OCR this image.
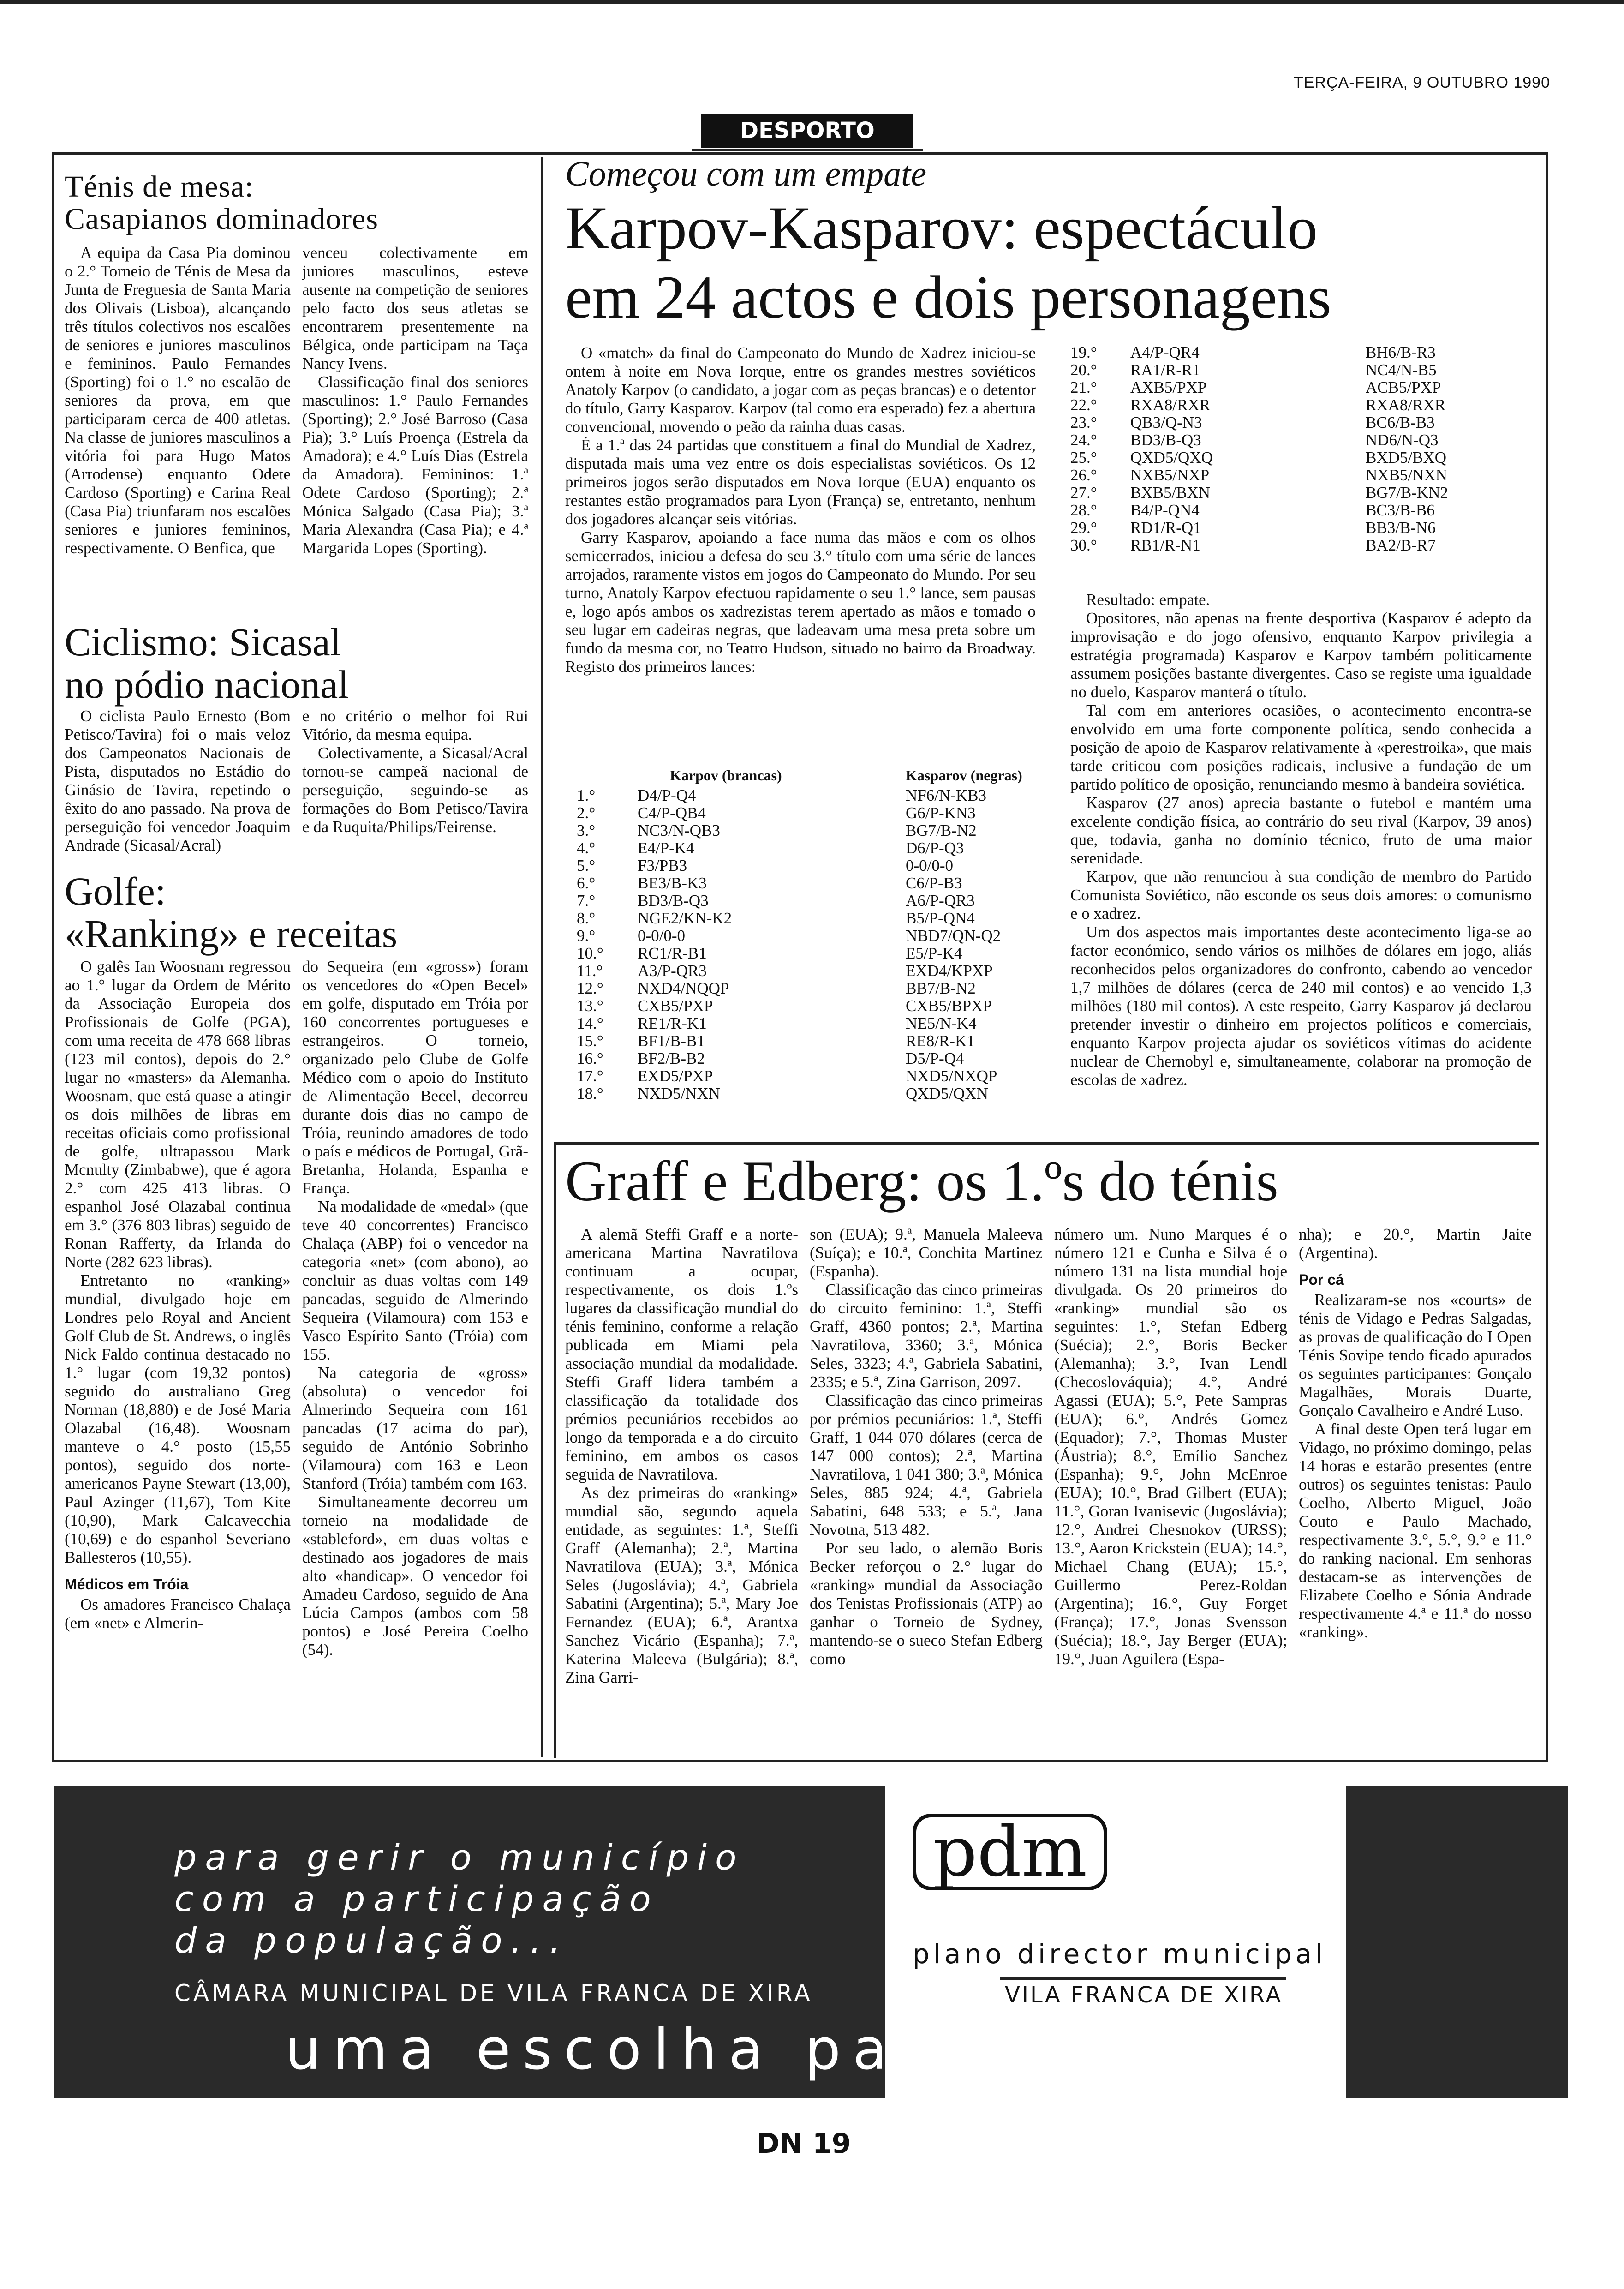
TERÇA-FEIRA, 9 OUTUBRO 1990
DESPORTO
Ténis de mesa:
Casapianos dominadores

A equipa da Casa Pia dominou o 2.° Torneio de Ténis de Mesa da Junta de Freguesia de Santa Maria dos Olivais (Lisboa), alcançando três títulos colectivos nos escalões de seniores e juniores masculinos e femininos. Paulo Fernandes (Sporting) foi o 1.° no escalão de seniores da prova, em que participaram cerca de 400 atletas. Na classe de juniores masculinos a vitória foi para Hugo Matos (Arrodense) enquanto Odete Cardoso (Sporting) e Carina Real (Casa Pia) triunfaram nos escalões seniores e juniores femininos, respectivamente. O Benfica, que

venceu colectivamente em juniores masculinos, esteve ausente na competição de seniores pelo facto dos seus atletas se encontrarem presentemente na Bélgica, onde participam na Taça Nancy Ivens.

Classificação final dos seniores masculinos: 1.° Paulo Fernandes (Sporting); 2.° José Barroso (Casa Pia); 3.° Luís Proença (Estrela da Amadora); e 4.° Luís Dias (Estrela da Amadora). Femininos: 1.ª Odete Cardoso (Sporting); 2.ª Mónica Salgado (Casa Pia); 3.ª Maria Alexandra (Casa Pia); e 4.ª Margarida Lopes (Sporting).

Ciclismo: Sicasal
no pódio nacional

O ciclista Paulo Ernesto (Bom Petisco/Tavira) foi o mais veloz dos Campeonatos Nacionais de Pista, disputados no Estádio do Ginásio de Tavira, repetindo o êxito do ano passado. Na prova de perseguição foi vencedor Joaquim Andrade (Sicasal/Acral)

e no critério o melhor foi Rui Vitório, da mesma equipa.

Colectivamente, a Sicasal/Acral tornou-se campeã nacional de perseguição, seguindo-se as formações do Bom Petisco/Tavira e da Ruquita/Philips/Feirense.

Golfe:
«Ranking» e receitas

O galês Ian Woosnam regressou ao 1.° lugar da Ordem de Mérito da Associação Europeia dos Profissionais de Golfe (PGA), com uma receita de 478 668 libras (123 mil contos), depois do 2.° lugar no «masters» da Alemanha. Woosnam, que está quase a atingir os dois milhões de libras em receitas oficiais como profissional de golfe, ultrapassou Mark Mcnulty (Zimbabwe), que é agora 2.° com 425 413 libras. O espanhol José Olazabal continua em 3.° (376 803 libras) seguido de Ronan Rafferty, da Irlanda do Norte (282 623 libras).

Entretanto no «ranking» mundial, divulgado hoje em Londres pelo Royal and Ancient Golf Club de St. Andrews, o inglês Nick Faldo continua destacado no 1.° lugar (com 19,32 pontos) seguido do australiano Greg Norman (18,880) e de José Maria Olazabal (16,48). Woosnam manteve o 4.° posto (15,55 pontos), seguido dos norte-americanos Payne Stewart (13,00), Paul Azinger (11,67), Tom Kite (10,90), Mark Calcavecchia (10,69) e do espanhol Severiano Ballesteros (10,55).

Médicos em Tróia

Os amadores Francisco Chalaça (em «net» e Almerin-

do Sequeira (em «gross») foram os vencedores do «Open Becel» em golfe, disputado em Tróia por 160 concorrentes portugueses e estrangeiros. O torneio, organizado pelo Clube de Golfe Médico com o apoio do Instituto de Alimentação Becel, decorreu durante dois dias no campo de Tróia, reunindo amadores de todo o país e médicos de Portugal, Grã-Bretanha, Holanda, Espanha e França.

Na modalidade de «medal» (que teve 40 concorrentes) Francisco Chalaça (ABP) foi o vencedor na categoria «net» (com abono), ao concluir as duas voltas com 149 pancadas, seguido de Almerindo Sequeira (Vilamoura) com 153 e Vasco Espírito Santo (Tróia) com 155.

Na categoria de «gross» (absoluta) o vencedor foi Almerindo Sequeira com 161 pancadas (17 acima do par), seguido de António Sobrinho (Vilamoura) com 163 e Leon Stanford (Tróia) também com 163.

Simultaneamente decorreu um torneio na modalidade de «stableford», em duas voltas e destinado aos jogadores de mais alto «handicap». O vencedor foi Amadeu Cardoso, seguido de Ana Lúcia Campos (ambos com 58 pontos) e José Pereira Coelho (54).

Começou com um empate
Karpov-Kasparov: espectáculo
em 24 actos e dois personagens

O «match» da final do Campeonato do Mundo de Xadrez iniciou-se ontem à noite em Nova Iorque, entre os grandes mestres soviéticos Anatoly Karpov (o candidato, a jogar com as peças brancas) e o detentor do título, Garry Kasparov. Karpov (tal como era esperado) fez a abertura convencional, movendo o peão da rainha duas casas.

É a 1.ª das 24 partidas que constituem a final do Mundial de Xadrez, disputada mais uma vez entre os dois especialistas soviéticos. Os 12 primeiros jogos serão disputados em Nova Iorque (EUA) enquanto os restantes estão programados para Lyon (França) se, entretanto, nenhum dos jogadores alcançar seis vitórias.

Garry Kasparov, apoiando a face numa das mãos e com os olhos semicerrados, iniciou a defesa do seu 3.° título com uma série de lances arrojados, raramente vistos em jogos do Campeonato do Mundo. Por seu turno, Anatoly Karpov efectuou rapidamente o seu 1.° lance, sem pausas e, logo após ambos os xadrezistas terem apertado as mãos e tomado o seu lugar em cadeiras negras, que ladeavam uma mesa preta sobre um fundo da mesma cor, no Teatro Hudson, situado no bairro da Broadway. Registo dos primeiros lances:

	Karpov (brancas)	Kasparov (negras)
1.°	D4/P-Q4	NF6/N-KB3
2.°	C4/P-QB4	G6/P-KN3
3.°	NC3/N-QB3	BG7/B-N2
4.°	E4/P-K4	D6/P-Q3
5.°	F3/PB3	0-0/0-0
6.°	BE3/B-K3	C6/P-B3
7.°	BD3/B-Q3	A6/P-QR3
8.°	NGE2/KN-K2	B5/P-QN4
9.°	0-0/0-0	NBD7/QN-Q2
10.°	RC1/R-B1	E5/P-K4
11.°	A3/P-QR3	EXD4/KPXP
12.°	NXD4/NQQP	BB7/B-N2
13.°	CXB5/PXP	CXB5/BPXP
14.°	RE1/R-K1	NE5/N-K4
15.°	BF1/B-B1	RE8/R-K1
16.°	BF2/B-B2	D5/P-Q4
17.°	EXD5/PXP	NXD5/NXQP
18.°	NXD5/NXN	QXD5/QXN
19.°	A4/P-QR4	BH6/B-R3
20.°	RA1/R-R1	NC4/N-B5
21.°	AXB5/PXP	ACB5/PXP
22.°	RXA8/RXR	RXA8/RXR
23.°	QB3/Q-N3	BC6/B-B3
24.°	BD3/B-Q3	ND6/N-Q3
25.°	QXD5/QXQ	BXD5/BXQ
26.°	NXB5/NXP	NXB5/NXN
27.°	BXB5/BXN	BG7/B-KN2
28.°	B4/P-QN4	BC3/B-B6
29.°	RD1/R-Q1	BB3/B-N6
30.°	RB1/R-N1	BA2/B-R7

Resultado: empate.

Opositores, não apenas na frente desportiva (Kasparov é adepto da improvisação e do jogo ofensivo, enquanto Karpov privilegia a estratégia programada) Kasparov e Karpov também politicamente assumem posições bastante divergentes. Caso se registe uma igualdade no duelo, Kasparov manterá o título.

Tal com em anteriores ocasiões, o acontecimento encontra-se envolvido em uma forte componente política, sendo conhecida a posição de apoio de Kasparov relativamente à «perestroika», que mais tarde criticou com posições radicais, inclusive a fundação de um partido político de oposição, renunciando mesmo à bandeira soviética.

Kasparov (27 anos) aprecia bastante o futebol e mantém uma excelente condição física, ao contrário do seu rival (Karpov, 39 anos) que, todavia, ganha no domínio técnico, fruto de uma maior serenidade.

Karpov, que não renunciou à sua condição de membro do Partido Comunista Soviético, não esconde os seus dois amores: o comunismo e o xadrez.

Um dos aspectos mais importantes deste acontecimento liga-se ao factor económico, sendo vários os milhões de dólares em jogo, aliás reconhecidos pelos organizadores do confronto, cabendo ao vencedor 1,7 milhões de dólares (cerca de 240 mil contos) e ao vencido 1,3 milhões (180 mil contos). A este respeito, Garry Kasparov já declarou pretender investir o dinheiro em projectos políticos e comerciais, enquanto Karpov projecta ajudar os soviéticos vítimas do acidente nuclear de Chernobyl e, simultaneamente, colaborar na promoção de escolas de xadrez.

Graff e Edberg: os 1.ºs do ténis

A alemã Steffi Graff e a norte-americana Martina Navratilova continuam a ocupar, respectivamente, os dois 1.ºs lugares da classificação mundial do ténis feminino, conforme a relação publicada em Miami pela associação mundial da modalidade. Steffi Graff lidera também a classificação da totalidade dos prémios pecuniários recebidos ao longo da temporada e a do circuito feminino, em ambos os casos seguida de Navratilova.

As dez primeiras do «ranking» mundial são, segundo aquela entidade, as seguintes: 1.ª, Steffi Graff (Alemanha); 2.ª, Martina Navratilova (EUA); 3.ª, Mónica Seles (Jugoslávia); 4.ª, Gabriela Sabatini (Argentina); 5.ª, Mary Joe Fernandez (EUA); 6.ª, Arantxa Sanchez Vicário (Espanha); 7.ª, Katerina Maleeva (Bulgária); 8.ª, Zina Garri-

son (EUA); 9.ª, Manuela Maleeva (Suíça); e 10.ª, Conchita Martinez (Espanha).

Classificação das cinco primeiras do circuito feminino: 1.ª, Steffi Graff, 4360 pontos; 2.ª, Martina Navratilova, 3360; 3.ª, Mónica Seles, 3323; 4.ª, Gabriela Sabatini, 2335; e 5.ª, Zina Garrison, 2097.

Classificação das cinco primeiras por prémios pecuniários: 1.ª, Steffi Graff, 1 044 070 dólares (cerca de 147 000 contos); 2.ª, Martina Navratilova, 1 041 380; 3.ª, Mónica Seles, 885 924; 4.ª, Gabriela Sabatini, 648 533; e 5.ª, Jana Novotna, 513 482.

Por seu lado, o alemão Boris Becker reforçou o 2.° lugar do «ranking» mundial da Associação dos Tenistas Profissionais (ATP) ao ganhar o Torneio de Sydney, mantendo-se o sueco Stefan Edberg como

número um. Nuno Marques é o número 121 e Cunha e Silva é o número 131 na lista mundial hoje divulgada. Os 20 primeiros do «ranking» mundial são os seguintes: 1.°, Stefan Edberg (Suécia); 2.°, Boris Becker (Alemanha); 3.°, Ivan Lendl (Checoslováquia); 4.°, André Agassi (EUA); 5.°, Pete Sampras (EUA); 6.°, Andrés Gomez (Equador); 7.°, Thomas Muster (Áustria); 8.°, Emílio Sanchez (Espanha); 9.°, John McEnroe (EUA); 10.°, Brad Gilbert (EUA); 11.°, Goran Ivanisevic (Jugoslávia); 12.°, Andrei Chesnokov (URSS); 13.°, Aaron Krickstein (EUA); 14.°, Michael Chang (EUA); 15.°, Guillermo Perez-Roldan (Argentina); 16.°, Guy Forget (França); 17.°, Jonas Svensson (Suécia); 18.°, Jay Berger (EUA); 19.°, Juan Aguilera (Espa-

nha); e 20.°, Martin Jaite (Argentina).

Por cá

Realizaram-se nos «courts» de ténis de Vidago e Pedras Salgadas, as provas de qualificação do I Open Ténis Sovipe tendo ficado apurados os seguintes participantes: Gonçalo Magalhães, Morais Duarte, Gonçalo Cavalheiro e André Luso.

A final deste Open terá lugar em Vidago, no próximo domingo, pelas 14 horas e estarão presentes (entre outros) os seguintes tenistas: Paulo Coelho, Alberto Miguel, João Couto e Paulo Machado, respectivamente 3.°, 5.°, 9.° e 11.° do ranking nacional. Em senhoras destacam-se as intervenções de Elizabete Coelho e Sónia Andrade respectivamente 4.ª e 11.ª do nosso «ranking».

para gerir o município
com a participação
da população...
CÂMARA MUNICIPAL DE VILA FRANCA DE XIRA
pdm
plano director municipal
VILA FRANCA DE XIRA
uma escolha para o futuro!
DN 19
